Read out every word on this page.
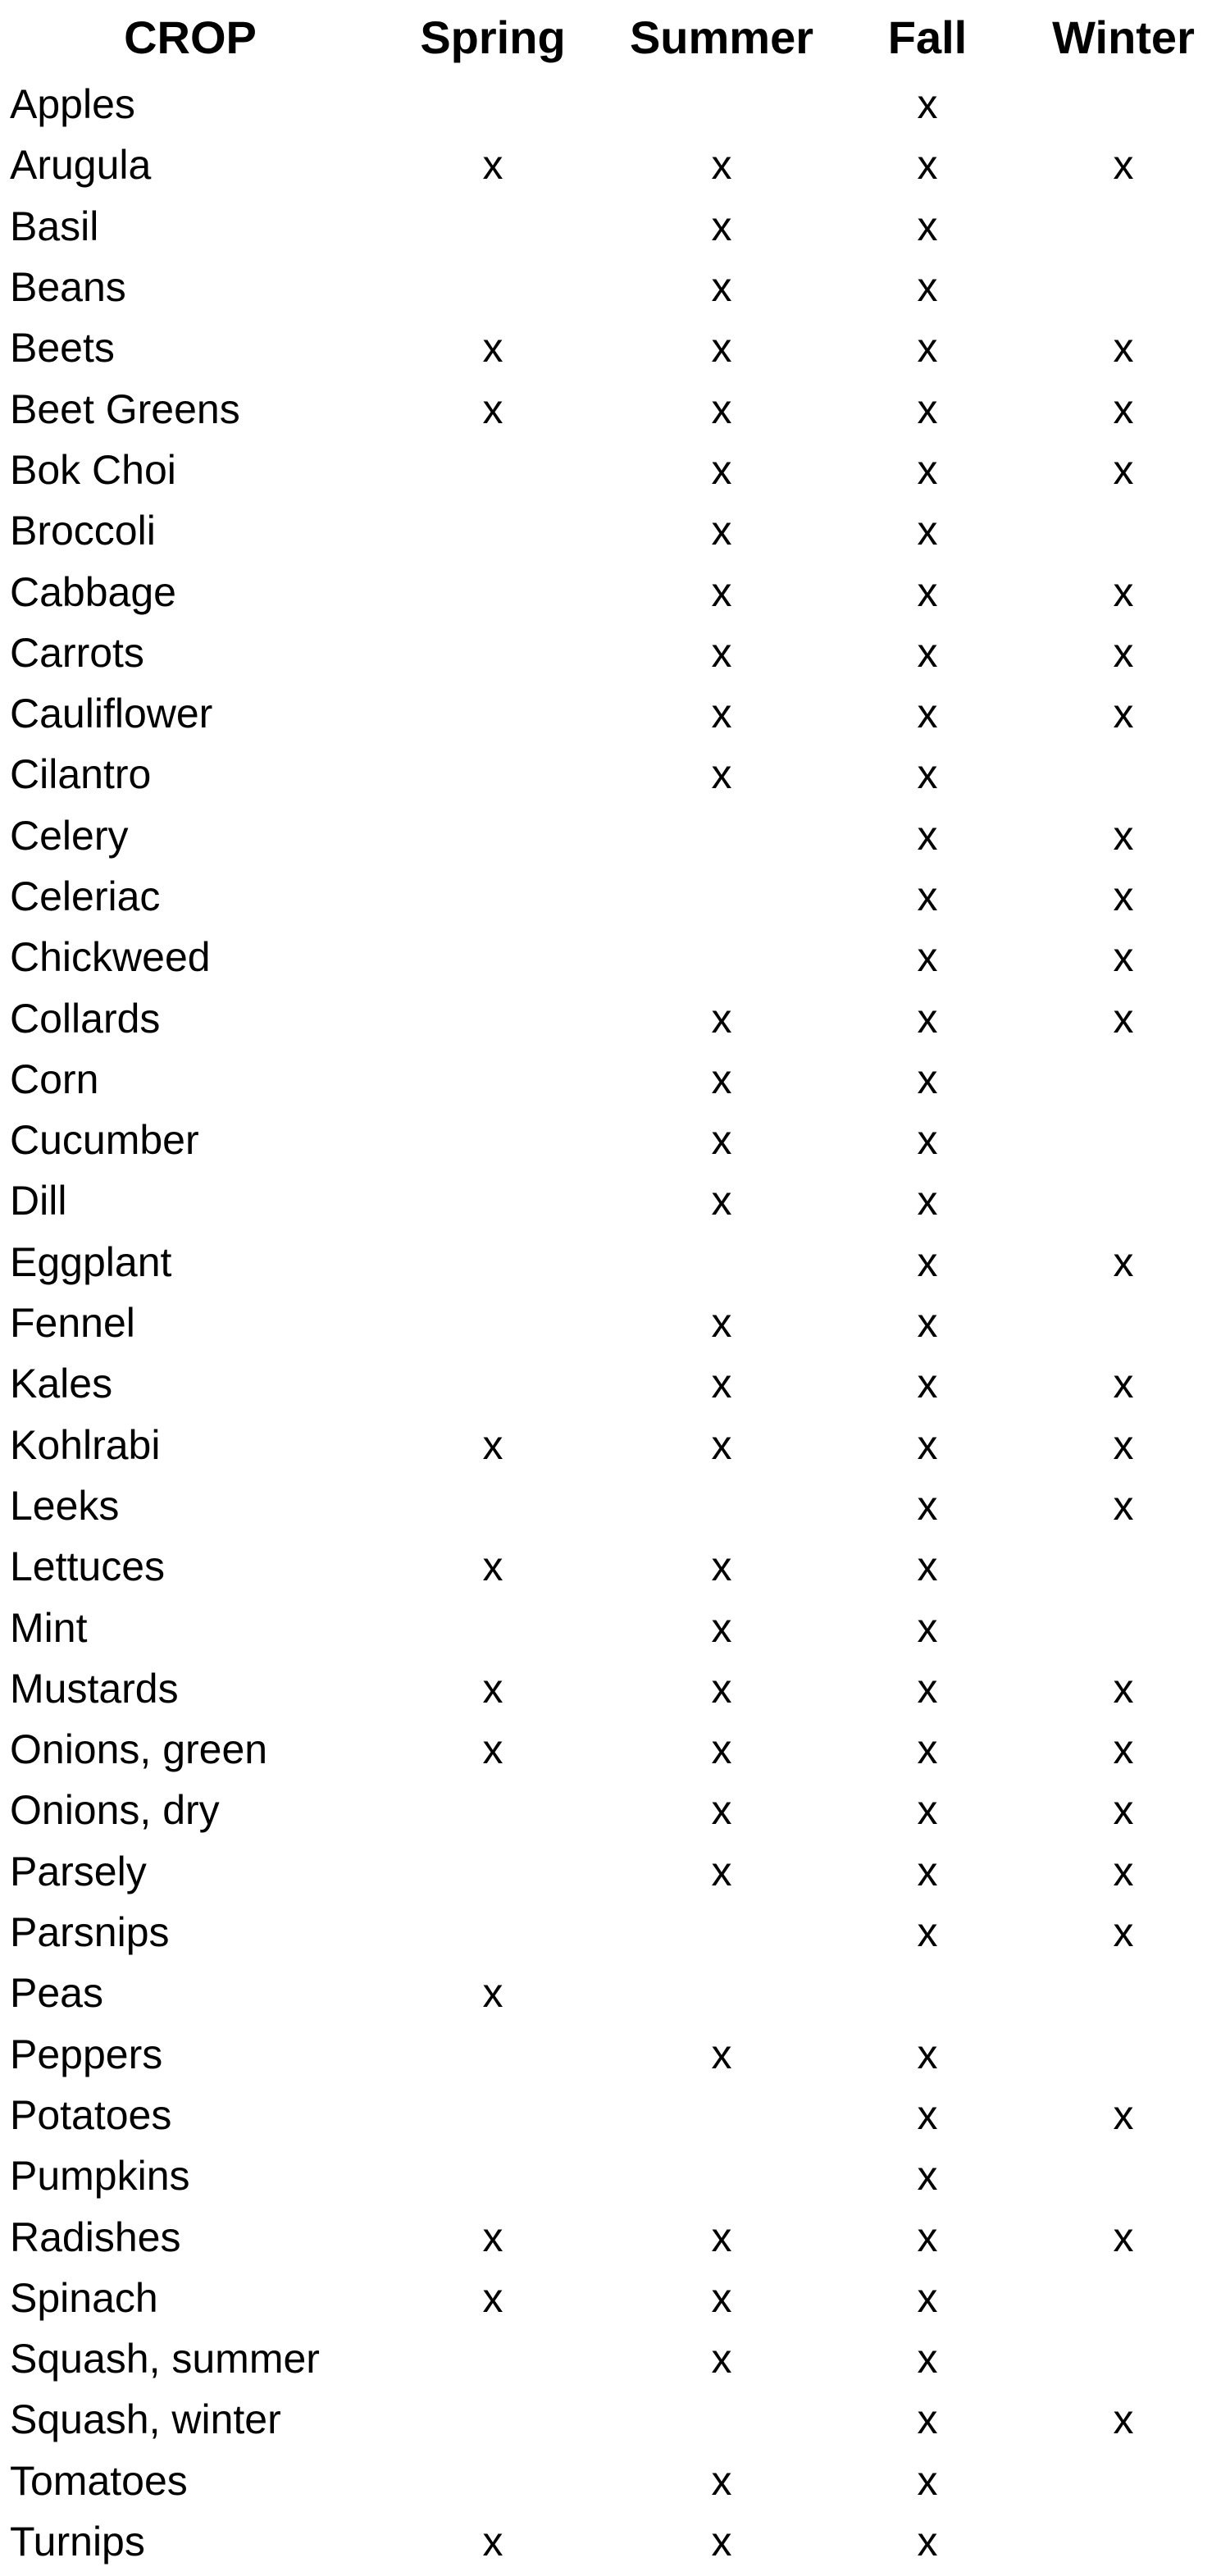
CROP	Spring	Summer	Fall	Winter
Apples			x	
Arugula	x	x	x	x
Basil		x	x	
Beans		x	x	
Beets	x	x	x	x
Beet Greens	x	x	x	x
Bok Choi		x	x	x
Broccoli		x	x	
Cabbage		x	x	x
Carrots		x	x	x
Cauliflower		x	x	x
Cilantro		x	x	
Celery			x	x
Celeriac			x	x
Chickweed			x	x
Collards		x	x	x
Corn		x	x	
Cucumber		x	x	
Dill		x	x	
Eggplant			x	x
Fennel		x	x	
Kales		x	x	x
Kohlrabi	x	x	x	x
Leeks			x	x
Lettuces	x	x	x	
Mint		x	x	
Mustards	x	x	x	x
Onions, green	x	x	x	x
Onions, dry		x	x	x
Parsely		x	x	x
Parsnips			x	x
Peas	x			
Peppers		x	x	
Potatoes			x	x
Pumpkins			x	
Radishes	x	x	x	x
Spinach	x	x	x	
Squash, summer		x	x	
Squash, winter			x	x
Tomatoes		x	x	
Turnips	x	x	x	
